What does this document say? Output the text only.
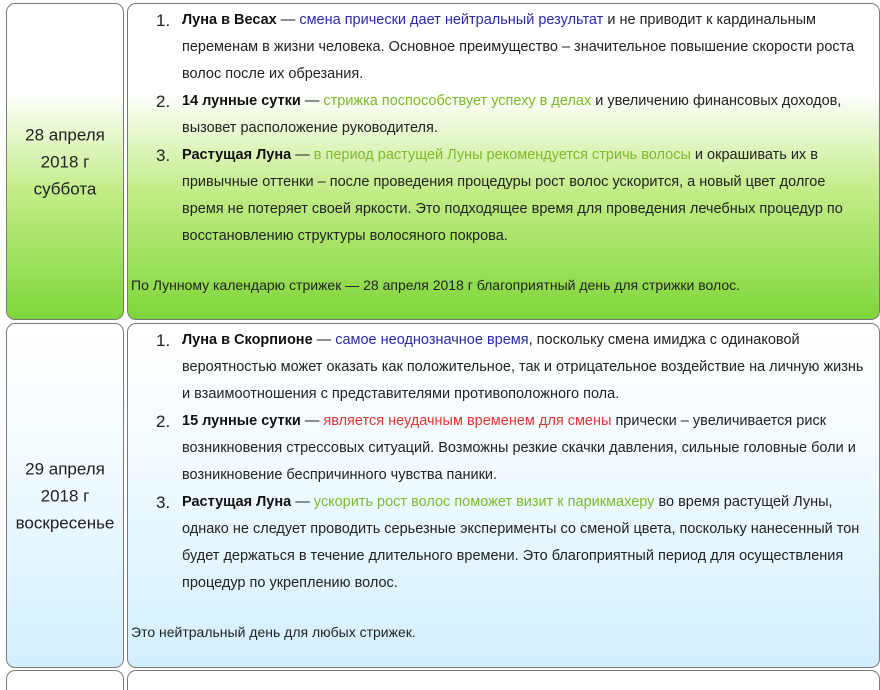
28 апреля
2018 г
суббота
1. Луна в Весах — смена прически дает нейтральный результат и не приводит к кардинальным переменам в жизни человека. Основное преимущество – значительное повышение скорости роста волос после их обрезания.
2. 14 лунные сутки — стрижка поспособствует успеху в делах и увеличению финансовых доходов, вызовет расположение руководителя.
3. Растущая Луна — в период растущей Луны рекомендуется стричь волосы и окрашивать их в привычные оттенки – после проведения процедуры рост волос ускорится, а новый цвет долгое время не потеряет своей яркости. Это подходящее время для проведения лечебных процедур по восстановлению структуры волосяного покрова.
По Лунному календарю стрижек — 28 апреля 2018 г благоприятный день для стрижки волос.
29 апреля
2018 г
воскресенье
1. Луна в Скорпионе — самое неоднозначное время, поскольку смена имиджа с одинаковой вероятностью может оказать как положительное, так и отрицательное воздействие на личную жизнь и взаимоотношения с представителями противоположного пола.
2. 15 лунные сутки — является неудачным временем для смены прически – увеличивается риск возникновения стрессовых ситуаций. Возможны резкие скачки давления, сильные головные боли и возникновение беспричинного чувства паники.
3. Растущая Луна — ускорить рост волос поможет визит к парикмахеру во время растущей Луны, однако не следует проводить серьезные эксперименты со сменой цвета, поскольку нанесенный тон будет держаться в течение длительного времени. Это благоприятный период для осуществления процедур по укреплению волос.
Это нейтральный день для любых стрижек.
